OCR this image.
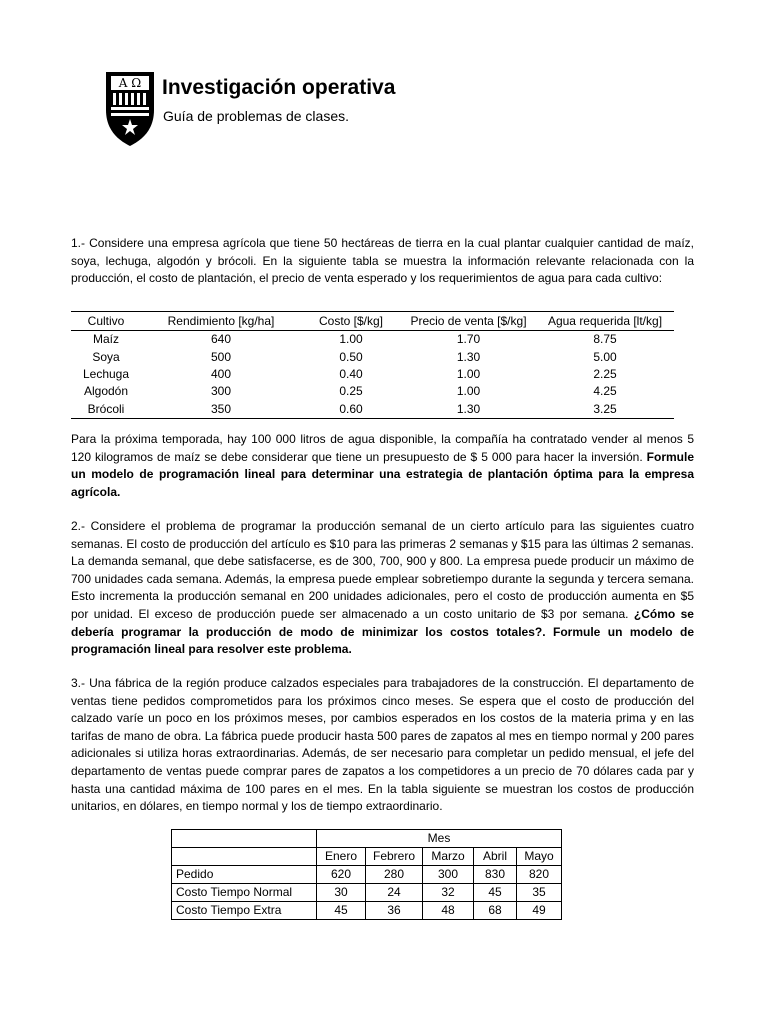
A Ω Investigación operativa
Guía de problemas de clases.

1.- Considere una empresa agrícola que tiene 50 hectáreas de tierra en la cual plantar cualquier cantidad de maíz, soya, lechuga, algodón y brócoli. En la siguiente tabla se muestra la información relevante relacionada con la producción, el costo de plantación, el precio de venta esperado y los requerimientos de agua para cada cultivo:

Cultivo	Rendimiento [kg/ha]	Costo [$/kg]	Precio de venta [$/kg]	Agua requerida [lt/kg]
Maíz	640	1.00	1.70	8.75
Soya	500	0.50	1.30	5.00
Lechuga	400	0.40	1.00	2.25
Algodón	300	0.25	1.00	4.25
Brócoli	350	0.60	1.30	3.25

Para la próxima temporada, hay 100 000 litros de agua disponible, la compañía ha contratado vender al menos 5 120 kilogramos de maíz se debe considerar que tiene un presupuesto de $ 5 000 para hacer la inversión. Formule un modelo de programación lineal para determinar una estrategia de plantación óptima para la empresa agrícola.

2.- Considere el problema de programar la producción semanal de un cierto artículo para las siguientes cuatro semanas. El costo de producción del artículo es $10 para las primeras 2 semanas y $15 para las últimas 2 semanas. La demanda semanal, que debe satisfacerse, es de 300, 700, 900 y 800. La empresa puede producir un máximo de 700 unidades cada semana. Además, la empresa puede emplear sobretiempo durante la segunda y tercera semana. Esto incrementa la producción semanal en 200 unidades adicionales, pero el costo de producción aumenta en $5 por unidad. El exceso de producción puede ser almacenado a un costo unitario de $3 por semana. ¿Cómo se debería programar la producción de modo de minimizar los costos totales?. Formule un modelo de programación lineal para resolver este problema.

3.- Una fábrica de la región produce calzados especiales para trabajadores de la construcción. El departamento de ventas tiene pedidos comprometidos para los próximos cinco meses. Se espera que el costo de producción del calzado varíe un poco en los próximos meses, por cambios esperados en los costos de la materia prima y en las tarifas de mano de obra. La fábrica puede producir hasta 500 pares de zapatos al mes en tiempo normal y 200 pares adicionales si utiliza horas extraordinarias. Además, de ser necesario para completar un pedido mensual, el jefe del departamento de ventas puede comprar pares de zapatos a los competidores a un precio de 70 dólares cada par y hasta una cantidad máxima de 100 pares en el mes. En la tabla siguiente se muestran los costos de producción unitarios, en dólares, en tiempo normal y los de tiempo extraordinario.

	Mes				
	Enero	Febrero	Marzo	Abril	Mayo
Pedido	620	280	300	830	820
Costo Tiempo Normal	30	24	32	45	35
Costo Tiempo Extra	45	36	48	68	49
